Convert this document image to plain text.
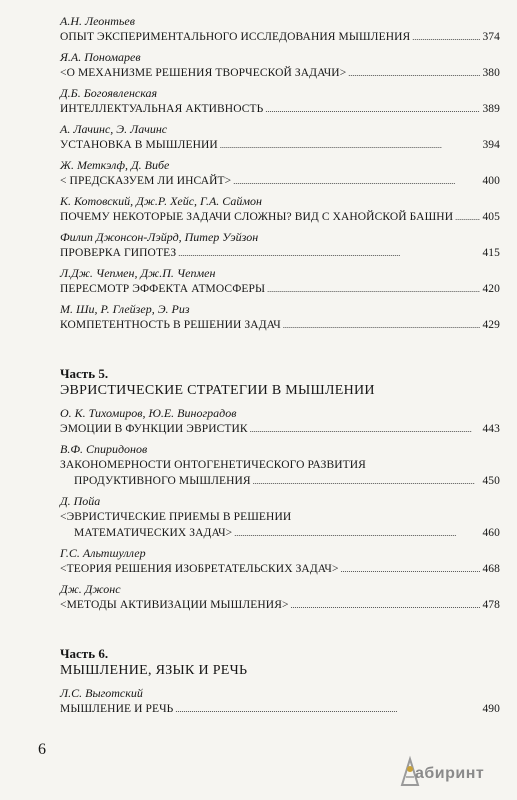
А.Н. Леонтьев
ОПЫТ ЭКСПЕРИМЕНТАЛЬНОГО ИССЛЕДОВАНИЯ МЫШЛЕНИЯ . . .	374
Я.А. Пономарев
<О МЕХАНИЗМЕ РЕШЕНИЯ ТВОРЧЕСКОЙ ЗАДАЧИ> . . .	380
Д.Б. Богоявленская
ИНТЕЛЛЕКТУАЛЬНАЯ АКТИВНОСТЬ . . .	389
А. Лачинс, Э. Лачинс
УСТАНОВКА В МЫШЛЕНИИ . . .	394
Ж. Меткэлф, Д. Вибе
< ПРЕДСКАЗУЕМ ЛИ ИНСАЙТ> . . .	400
К. Котовский, Дж.Р. Хейс, Г.А. Саймон
ПОЧЕМУ НЕКОТОРЫЕ ЗАДАЧИ СЛОЖНЫ? ВИД С ХАНОЙСКОЙ БАШНИ . . .	405
Филип Джонсон-Лэйрд, Питер Уэйзон
ПРОВЕРКА ГИПОТЕЗ . . .	415
Л.Дж. Чепмен, Дж.П. Чепмен
ПЕРЕСМОТР ЭФФЕКТА АТМОСФЕРЫ . . .	420
М. Ши, Р. Глейзер, Э. Риз
КОМПЕТЕНТНОСТЬ В РЕШЕНИИ ЗАДАЧ . . .	429
Часть 5.
ЭВРИСТИЧЕСКИЕ СТРАТЕГИИ В МЫШЛЕНИИ
О. К. Тихомиров, Ю.Е. Виноградов
ЭМОЦИИ В ФУНКЦИИ ЭВРИСТИК . . .	443
В.Ф. Спиридонов
ЗАКОНОМЕРНОСТИ ОНТОГЕНЕТИЧЕСКОГО РАЗВИТИЯ
ПРОДУКТИВНОГО МЫШЛЕНИЯ . . .	450
Д. Пойа
<ЭВРИСТИЧЕСКИЕ ПРИЕМЫ В РЕШЕНИИ
МАТЕМАТИЧЕСКИХ ЗАДАЧ> . . .	460
Г.С. Альтшуллер
<ТЕОРИЯ РЕШЕНИЯ ИЗОБРЕТАТЕЛЬСКИХ ЗАДАЧ> . . .	468
Дж. Джонс
<МЕТОДЫ АКТИВИЗАЦИИ МЫШЛЕНИЯ> . . .	478
Часть 6.
МЫШЛЕНИЕ, ЯЗЫК И РЕЧЬ
Л.С. Выготский
МЫШЛЕНИЕ И РЕЧЬ . . .	490
6
абиринт
